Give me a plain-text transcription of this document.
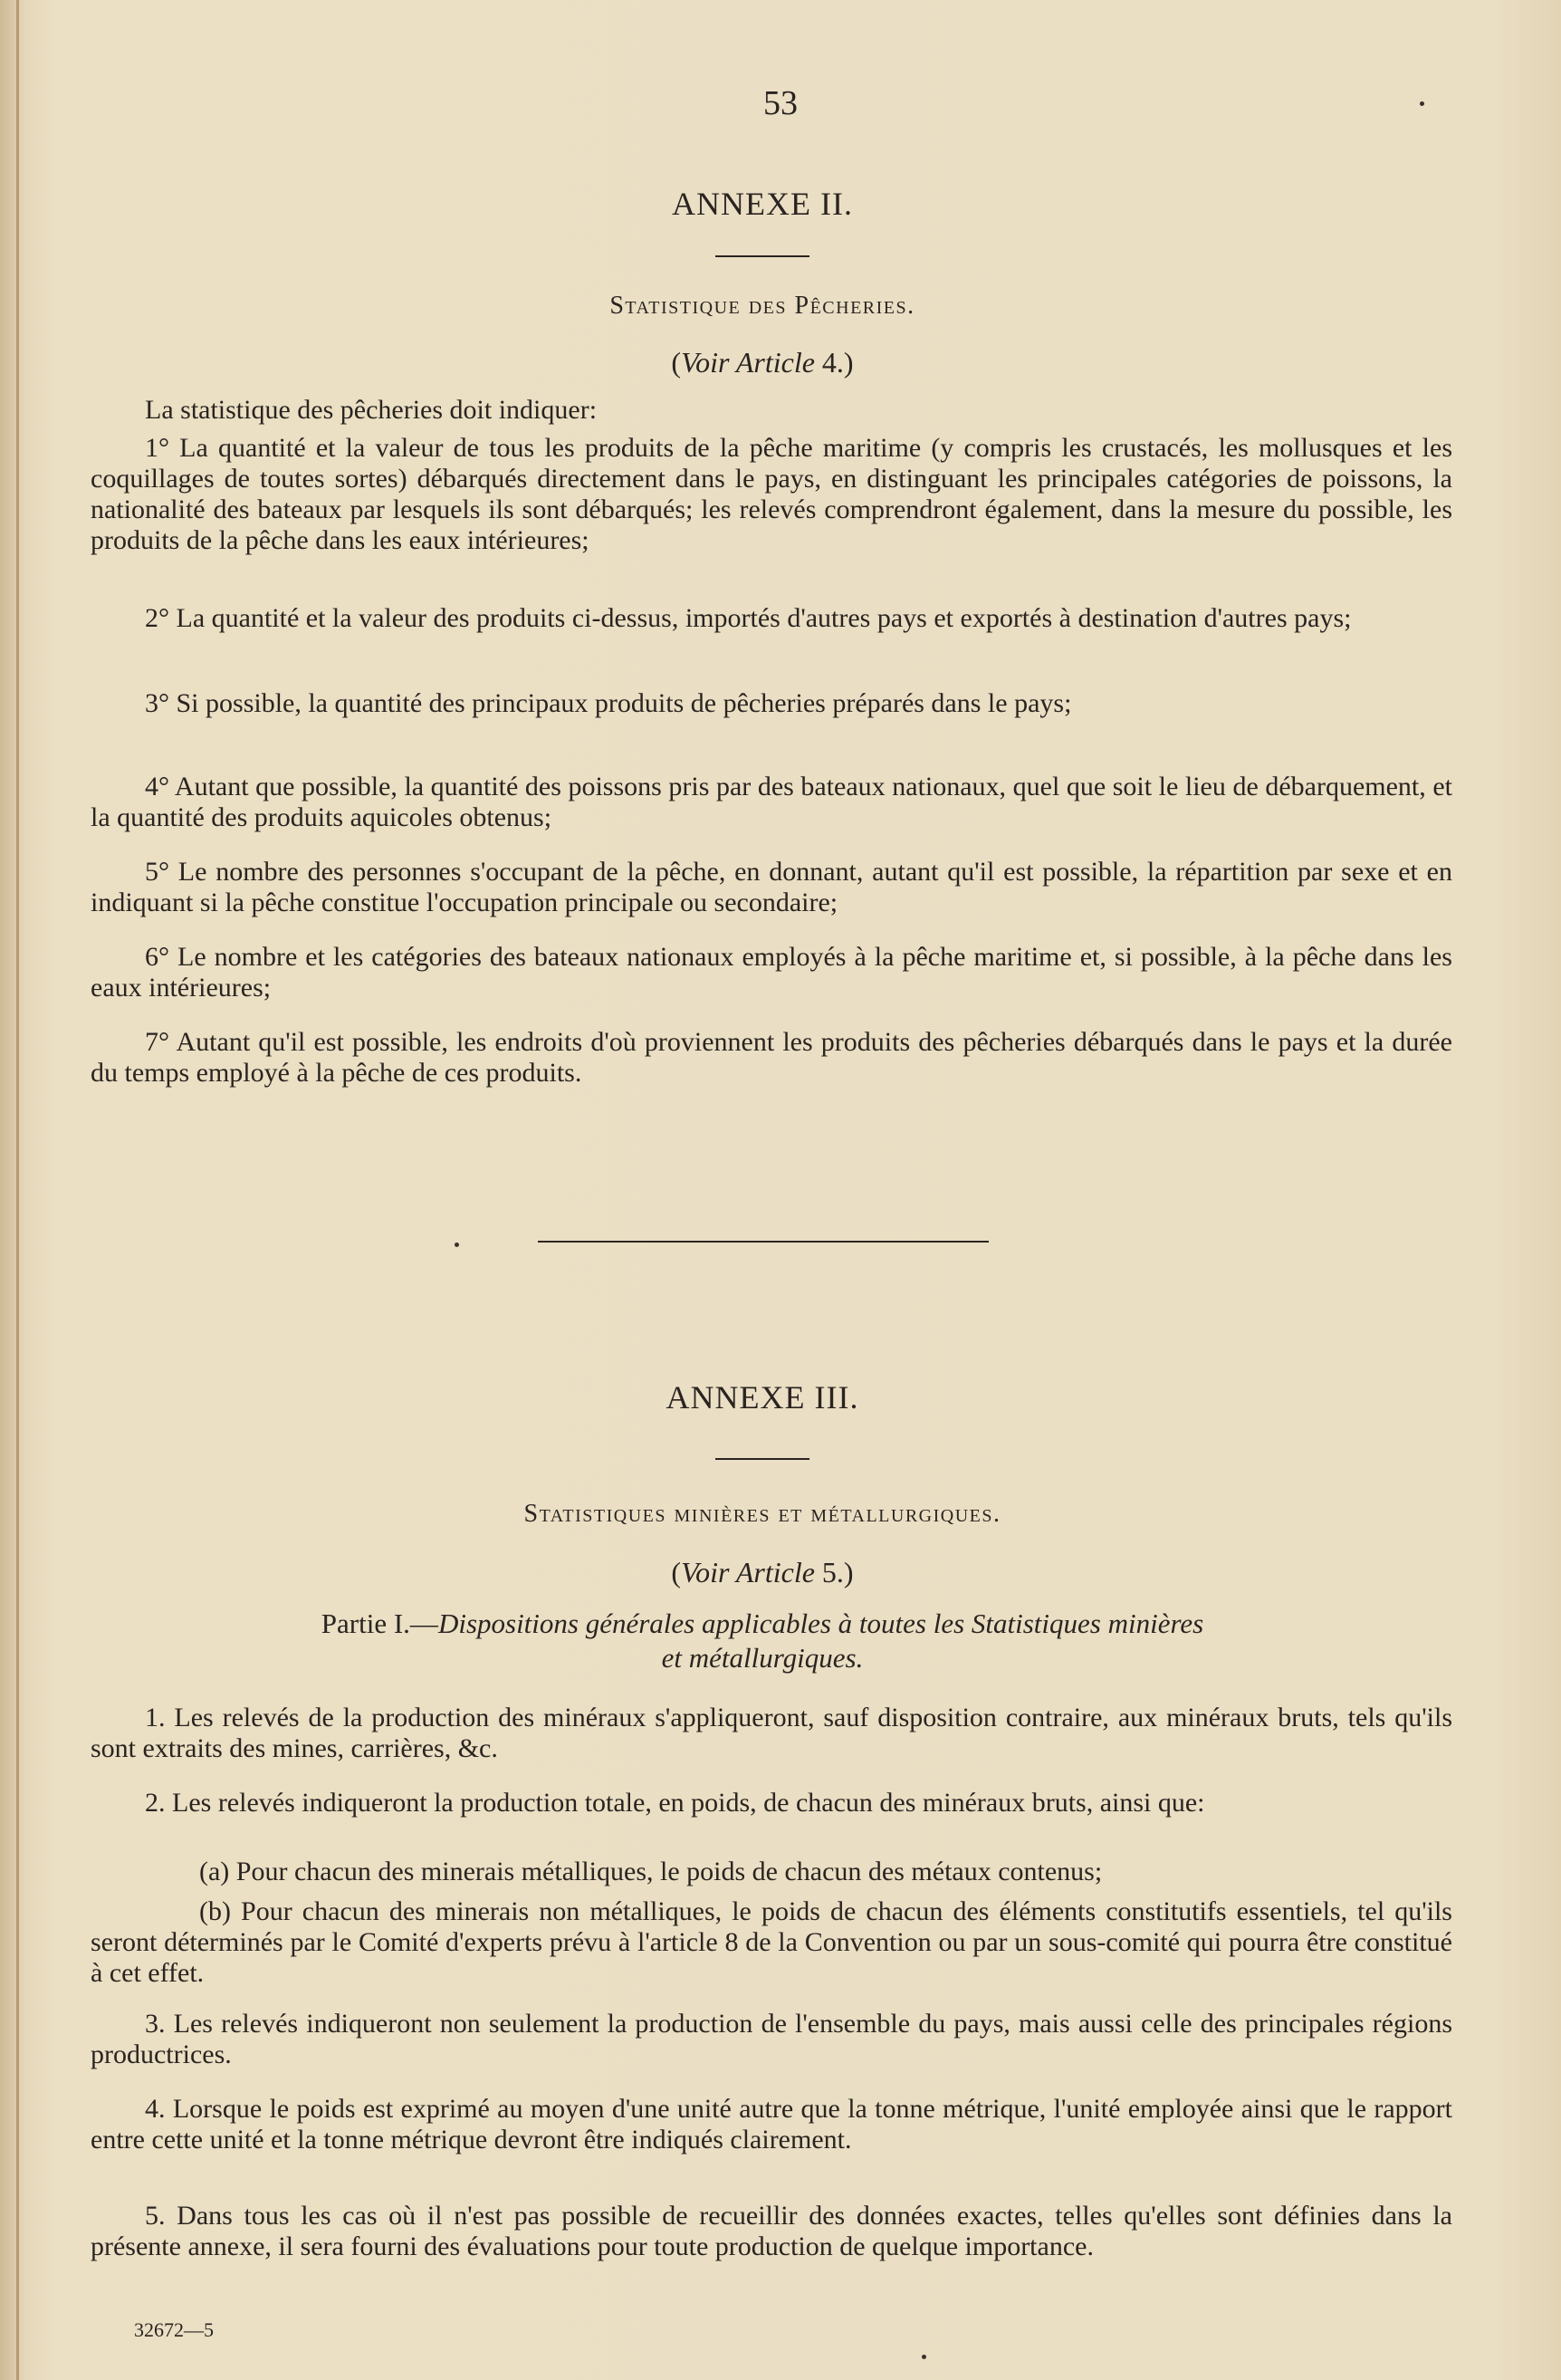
53
ANNEXE II.
Statistique des Pêcheries.
(Voir Article 4.)
La statistique des pêcheries doit indiquer:
1° La quantité et la valeur de tous les produits de la pêche maritime (y compris les crustacés, les mollusques et les coquillages de toutes sortes) débarqués directement dans le pays, en distinguant les principales catégories de poissons, la nationalité des bateaux par lesquels ils sont débarqués; les relevés comprendront également, dans la mesure du possible, les produits de la pêche dans les eaux intérieures;
2° La quantité et la valeur des produits ci-dessus, importés d'autres pays et exportés à destination d'autres pays;
3° Si possible, la quantité des principaux produits de pêcheries préparés dans le pays;
4° Autant que possible, la quantité des poissons pris par des bateaux nationaux, quel que soit le lieu de débarquement, et la quantité des produits aquicoles obtenus;
5° Le nombre des personnes s'occupant de la pêche, en donnant, autant qu'il est possible, la répartition par sexe et en indiquant si la pêche constitue l'occupation principale ou secondaire;
6° Le nombre et les catégories des bateaux nationaux employés à la pêche maritime et, si possible, à la pêche dans les eaux intérieures;
7° Autant qu'il est possible, les endroits d'où proviennent les produits des pêcheries débarqués dans le pays et la durée du temps employé à la pêche de ces produits.
ANNEXE III.
Statistiques minières et métallurgiques.
(Voir Article 5.)
Partie I.—Dispositions générales applicables à toutes les Statistiques minières
et métallurgiques.
1. Les relevés de la production des minéraux s'appliqueront, sauf disposition contraire, aux minéraux bruts, tels qu'ils sont extraits des mines, carrières, &c.
2. Les relevés indiqueront la production totale, en poids, de chacun des minéraux bruts, ainsi que:
(a) Pour chacun des minerais métalliques, le poids de chacun des métaux contenus;
(b) Pour chacun des minerais non métalliques, le poids de chacun des éléments constitutifs essentiels, tel qu'ils seront déterminés par le Comité d'experts prévu à l'article 8 de la Convention ou par un sous-comité qui pourra être constitué à cet effet.
3. Les relevés indiqueront non seulement la production de l'ensemble du pays, mais aussi celle des principales régions productrices.
4. Lorsque le poids est exprimé au moyen d'une unité autre que la tonne métrique, l'unité employée ainsi que le rapport entre cette unité et la tonne métrique devront être indiqués clairement.
5. Dans tous les cas où il n'est pas possible de recueillir des données exactes, telles qu'elles sont définies dans la présente annexe, il sera fourni des évaluations pour toute production de quelque importance.
32672—5
